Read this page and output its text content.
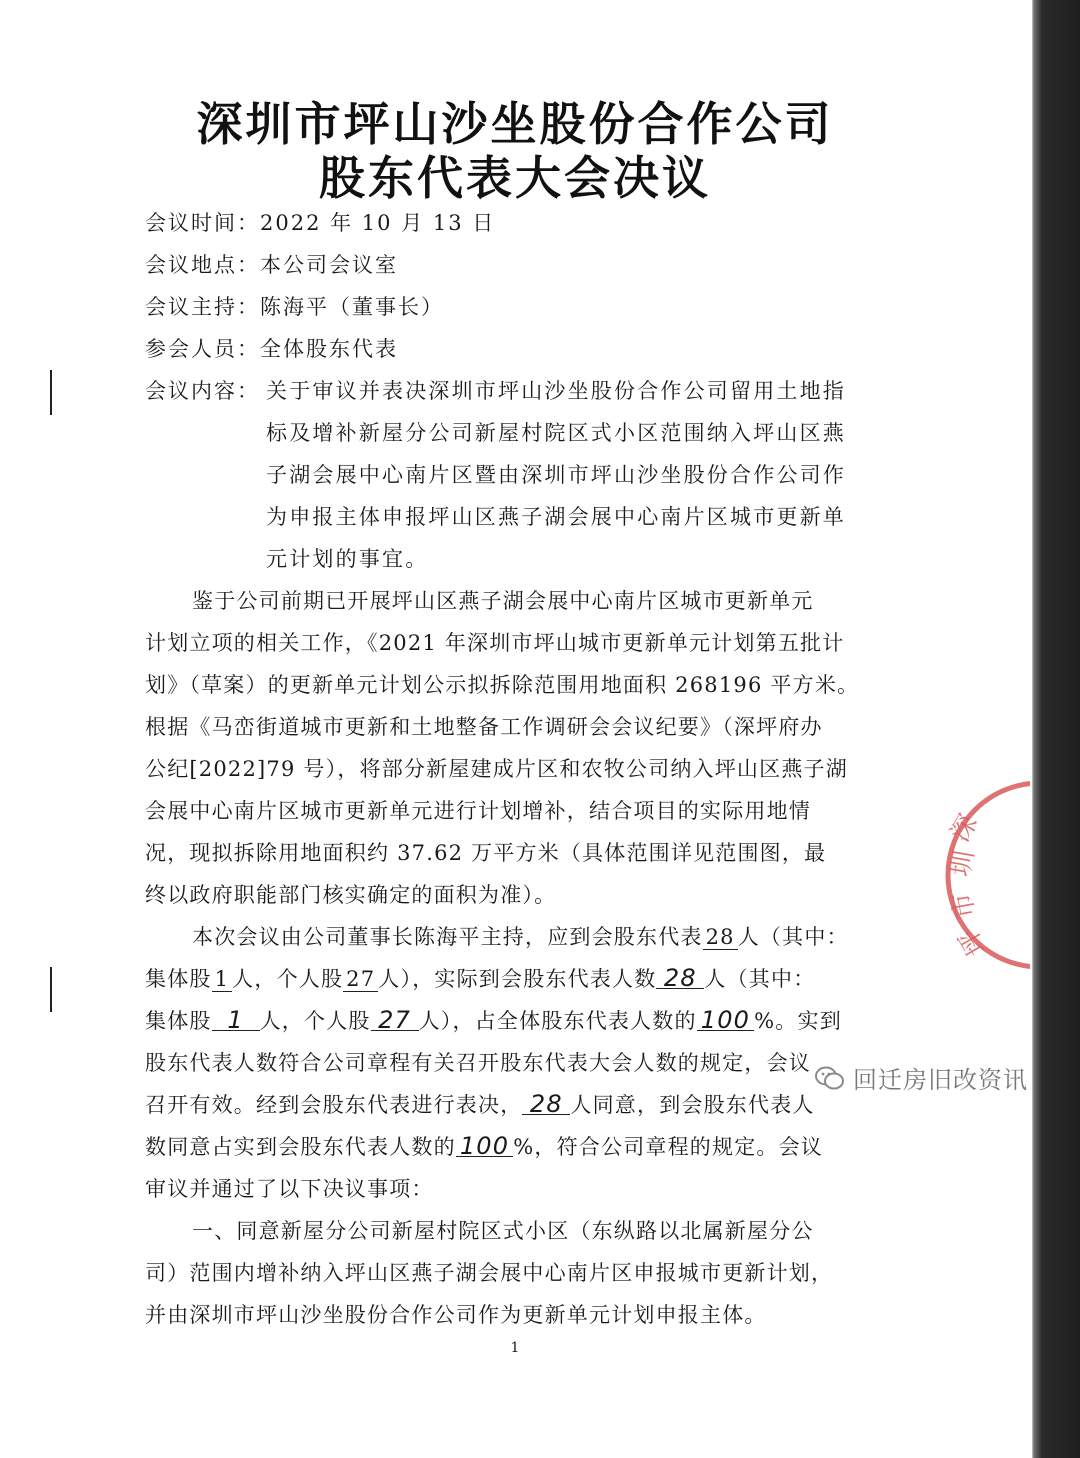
深圳市坪山沙坐股份合作公司
股东代表大会决议
会议时间：2022 年 10 月 13 日
会议地点：本公司会议室
会议主持：陈海平（董事长）
参会人员：全体股东代表
会议内容： 关于审议并表决深圳市坪山沙坐股份合作公司留用土地指
标及增补新屋分公司新屋村院区式小区范围纳入坪山区燕
子湖会展中心南片区暨由深圳市坪山沙坐股份合作公司作
为申报主体申报坪山区燕子湖会展中心南片区城市更新单
元计划的事宜。
鉴于公司前期已开展坪山区燕子湖会展中心南片区城市更新单元
计划立项的相关工作，《2021 年深圳市坪山城市更新单元计划第五批计
划》（草案）的更新单元计划公示拟拆除范围用地面积 268196 平方米。
根据《马峦街道城市更新和土地整备工作调研会会议纪要》（深坪府办
公纪[2022]79 号），将部分新屋建成片区和农牧公司纳入坪山区燕子湖
会展中心南片区城市更新单元进行计划增补，结合项目的实际用地情
况，现拟拆除用地面积约 37.62 万平方米（具体范围详见范围图，最
终以政府职能部门核实确定的面积为准）。
本次会议由公司董事长陈海平主持，应到会股东代表 28 人（其中：
集体股 1 人，个人股 27 人），实际到会股东代表人数 28 人（其中：
集体股 1 人，个人股 27 人），占全体股东代表人数的 100 %。实到
股东代表人数符合公司章程有关召开股东代表大会人数的规定，会议
召开有效。经到会股东代表进行表决， 28 人同意，到会股东代表人
数同意占实到会股东代表人数的 100 %，符合公司章程的规定。会议
审议并通过了以下决议事项：
一、同意新屋分公司新屋村院区式小区（东纵路以北属新屋分公
司）范围内增补纳入坪山区燕子湖会展中心南片区申报城市更新计划，
并由深圳市坪山沙坐股份合作公司作为更新单元计划申报主体。
1
深
圳
市
坪
回迁房旧改资讯
